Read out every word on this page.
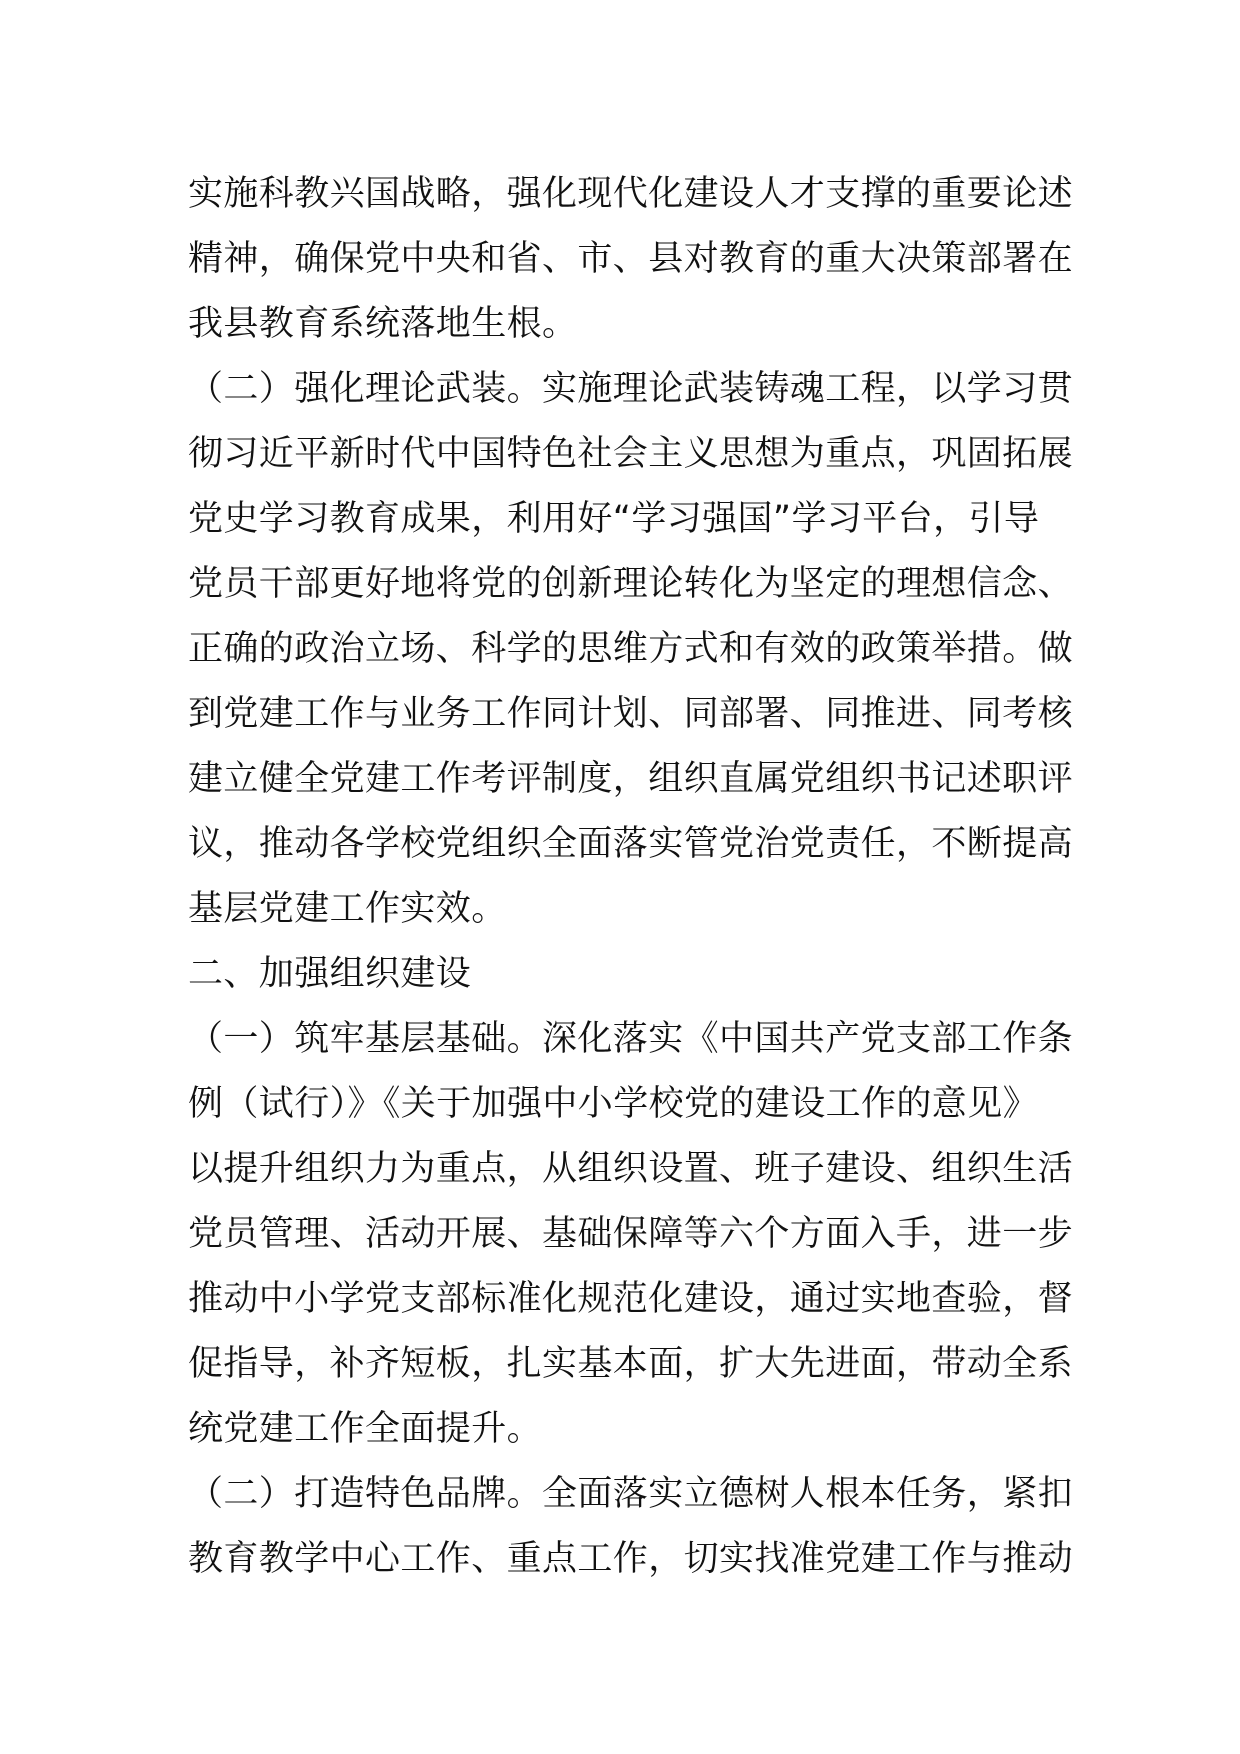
实施科教兴国战略，强化现代化建设人才支撑的重要论述
精神，确保党中央和省、市、县对教育的重大决策部署在
我县教育系统落地生根。
（二）强化理论武装。实施理论武装铸魂工程，以学习贯
彻习近平新时代中国特色社会主义思想为重点，巩固拓展
党史学习教育成果，利用好“学习强国”学习平台，引导
党员干部更好地将党的创新理论转化为坚定的理想信念、
正确的政治立场、科学的思维方式和有效的政策举措。做
到党建工作与业务工作同计划、同部署、同推进、同考核
建立健全党建工作考评制度，组织直属党组织书记述职评
议，推动各学校党组织全面落实管党治党责任，不断提高
基层党建工作实效。
二、加强组织建设
（一）筑牢基层基础。深化落实《中国共产党支部工作条
例（试行）》《关于加强中小学校党的建设工作的意见》
以提升组织力为重点，从组织设置、班子建设、组织生活
党员管理、活动开展、基础保障等六个方面入手，进一步
推动中小学党支部标准化规范化建设，通过实地查验，督
促指导，补齐短板，扎实基本面，扩大先进面，带动全系
统党建工作全面提升。
（二）打造特色品牌。全面落实立德树人根本任务，紧扣
教育教学中心工作、重点工作，切实找准党建工作与推动
